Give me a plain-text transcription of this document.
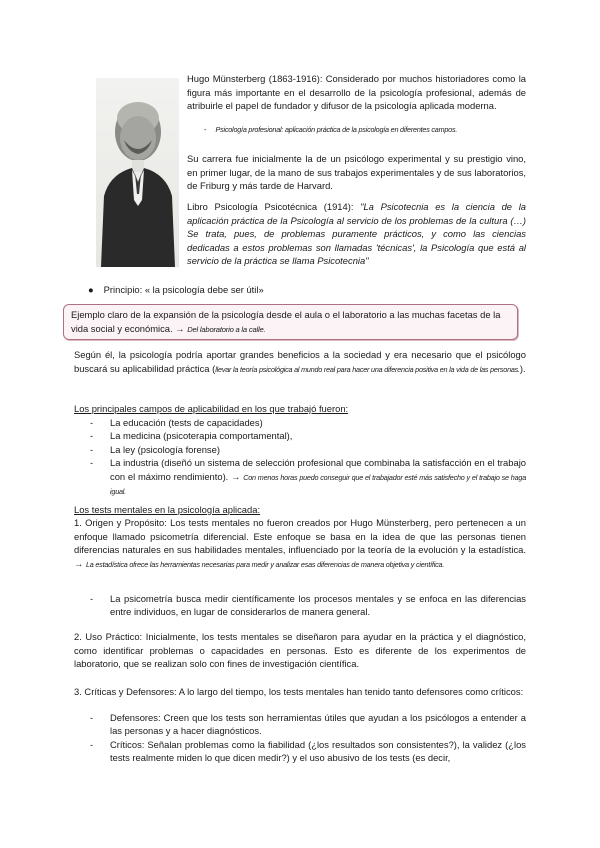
Hugo Münsterberg (1863-1916): Considerado por muchos historiadores como la figura más importante en el desarrollo de la psicología profesional, además de atribuirle el papel de fundador y difusor de la psicología aplicada moderna.

- Psicología profesional: aplicación práctica de la psicología en diferentes campos.

Su carrera fue inicialmente la de un psicólogo experimental y su prestigio vino, en primer lugar, de la mano de sus trabajos experimentales y de sus laboratorios, de Friburg y más tarde de Harvard.

Libro Psicología Psicotécnica (1914): "La Psicotecnia es la ciencia de la aplicación práctica de la Psicología al servicio de los problemas de la cultura (…) Se trata, pues, de problemas puramente prácticos, y como las ciencias dedicadas a estos problemas son llamadas 'técnicas', la Psicología que está al servicio de la práctica se llama Psicotecnia"

● Principio: « la psicología debe ser útil»

Ejemplo claro de la expansión de la psicología desde el aula o el laboratorio a las muchas facetas de la vida social y económica. → Del laboratorio a la calle.

Según él, la psicología podría aportar grandes beneficios a la sociedad y era necesario que el psicólogo buscará su aplicabilidad práctica (llevar la teoría psicológica al mundo real para hacer una diferencia positiva en la vida de las personas.).

Los principales campos de aplicabilidad en los que trabajó fueron:
- La educación (tests de capacidades)
- La medicina (psicoterapia comportamental),
- La ley (psicología forense)
- La industria (diseñó un sistema de selección profesional que combinaba la satisfacción en el trabajo con el máximo rendimiento). → Con menos horas puedo conseguir que el trabajador esté más satisfecho y el trabajo se haga igual.
Los tests mentales en la psicología aplicada:

1. Origen y Propósito: Los tests mentales no fueron creados por Hugo Münsterberg, pero pertenecen a un enfoque llamado psicometría diferencial. Este enfoque se basa en la idea de que las personas tienen diferencias naturales en sus habilidades mentales, influenciado por la teoría de la evolución y la estadística. → La estadística ofrece las herramientas necesarias para medir y analizar esas diferencias de manera objetiva y científica.

- La psicometría busca medir científicamente los procesos mentales y se enfoca en las diferencias entre individuos, en lugar de considerarlos de manera general.

2. Uso Práctico: Inicialmente, los tests mentales se diseñaron para ayudar en la práctica y el diagnóstico, como identificar problemas o capacidades en personas. Esto es diferente de los experimentos de laboratorio, que se realizan solo con fines de investigación científica.

3. Críticas y Defensores: A lo largo del tiempo, los tests mentales han tenido tanto defensores como críticos:

- Defensores: Creen que los tests son herramientas útiles que ayudan a los psicólogos a entender a las personas y a hacer diagnósticos.
- Críticos: Señalan problemas como la fiabilidad (¿los resultados son consistentes?), la validez (¿los tests realmente miden lo que dicen medir?) y el uso abusivo de los tests (es decir,
